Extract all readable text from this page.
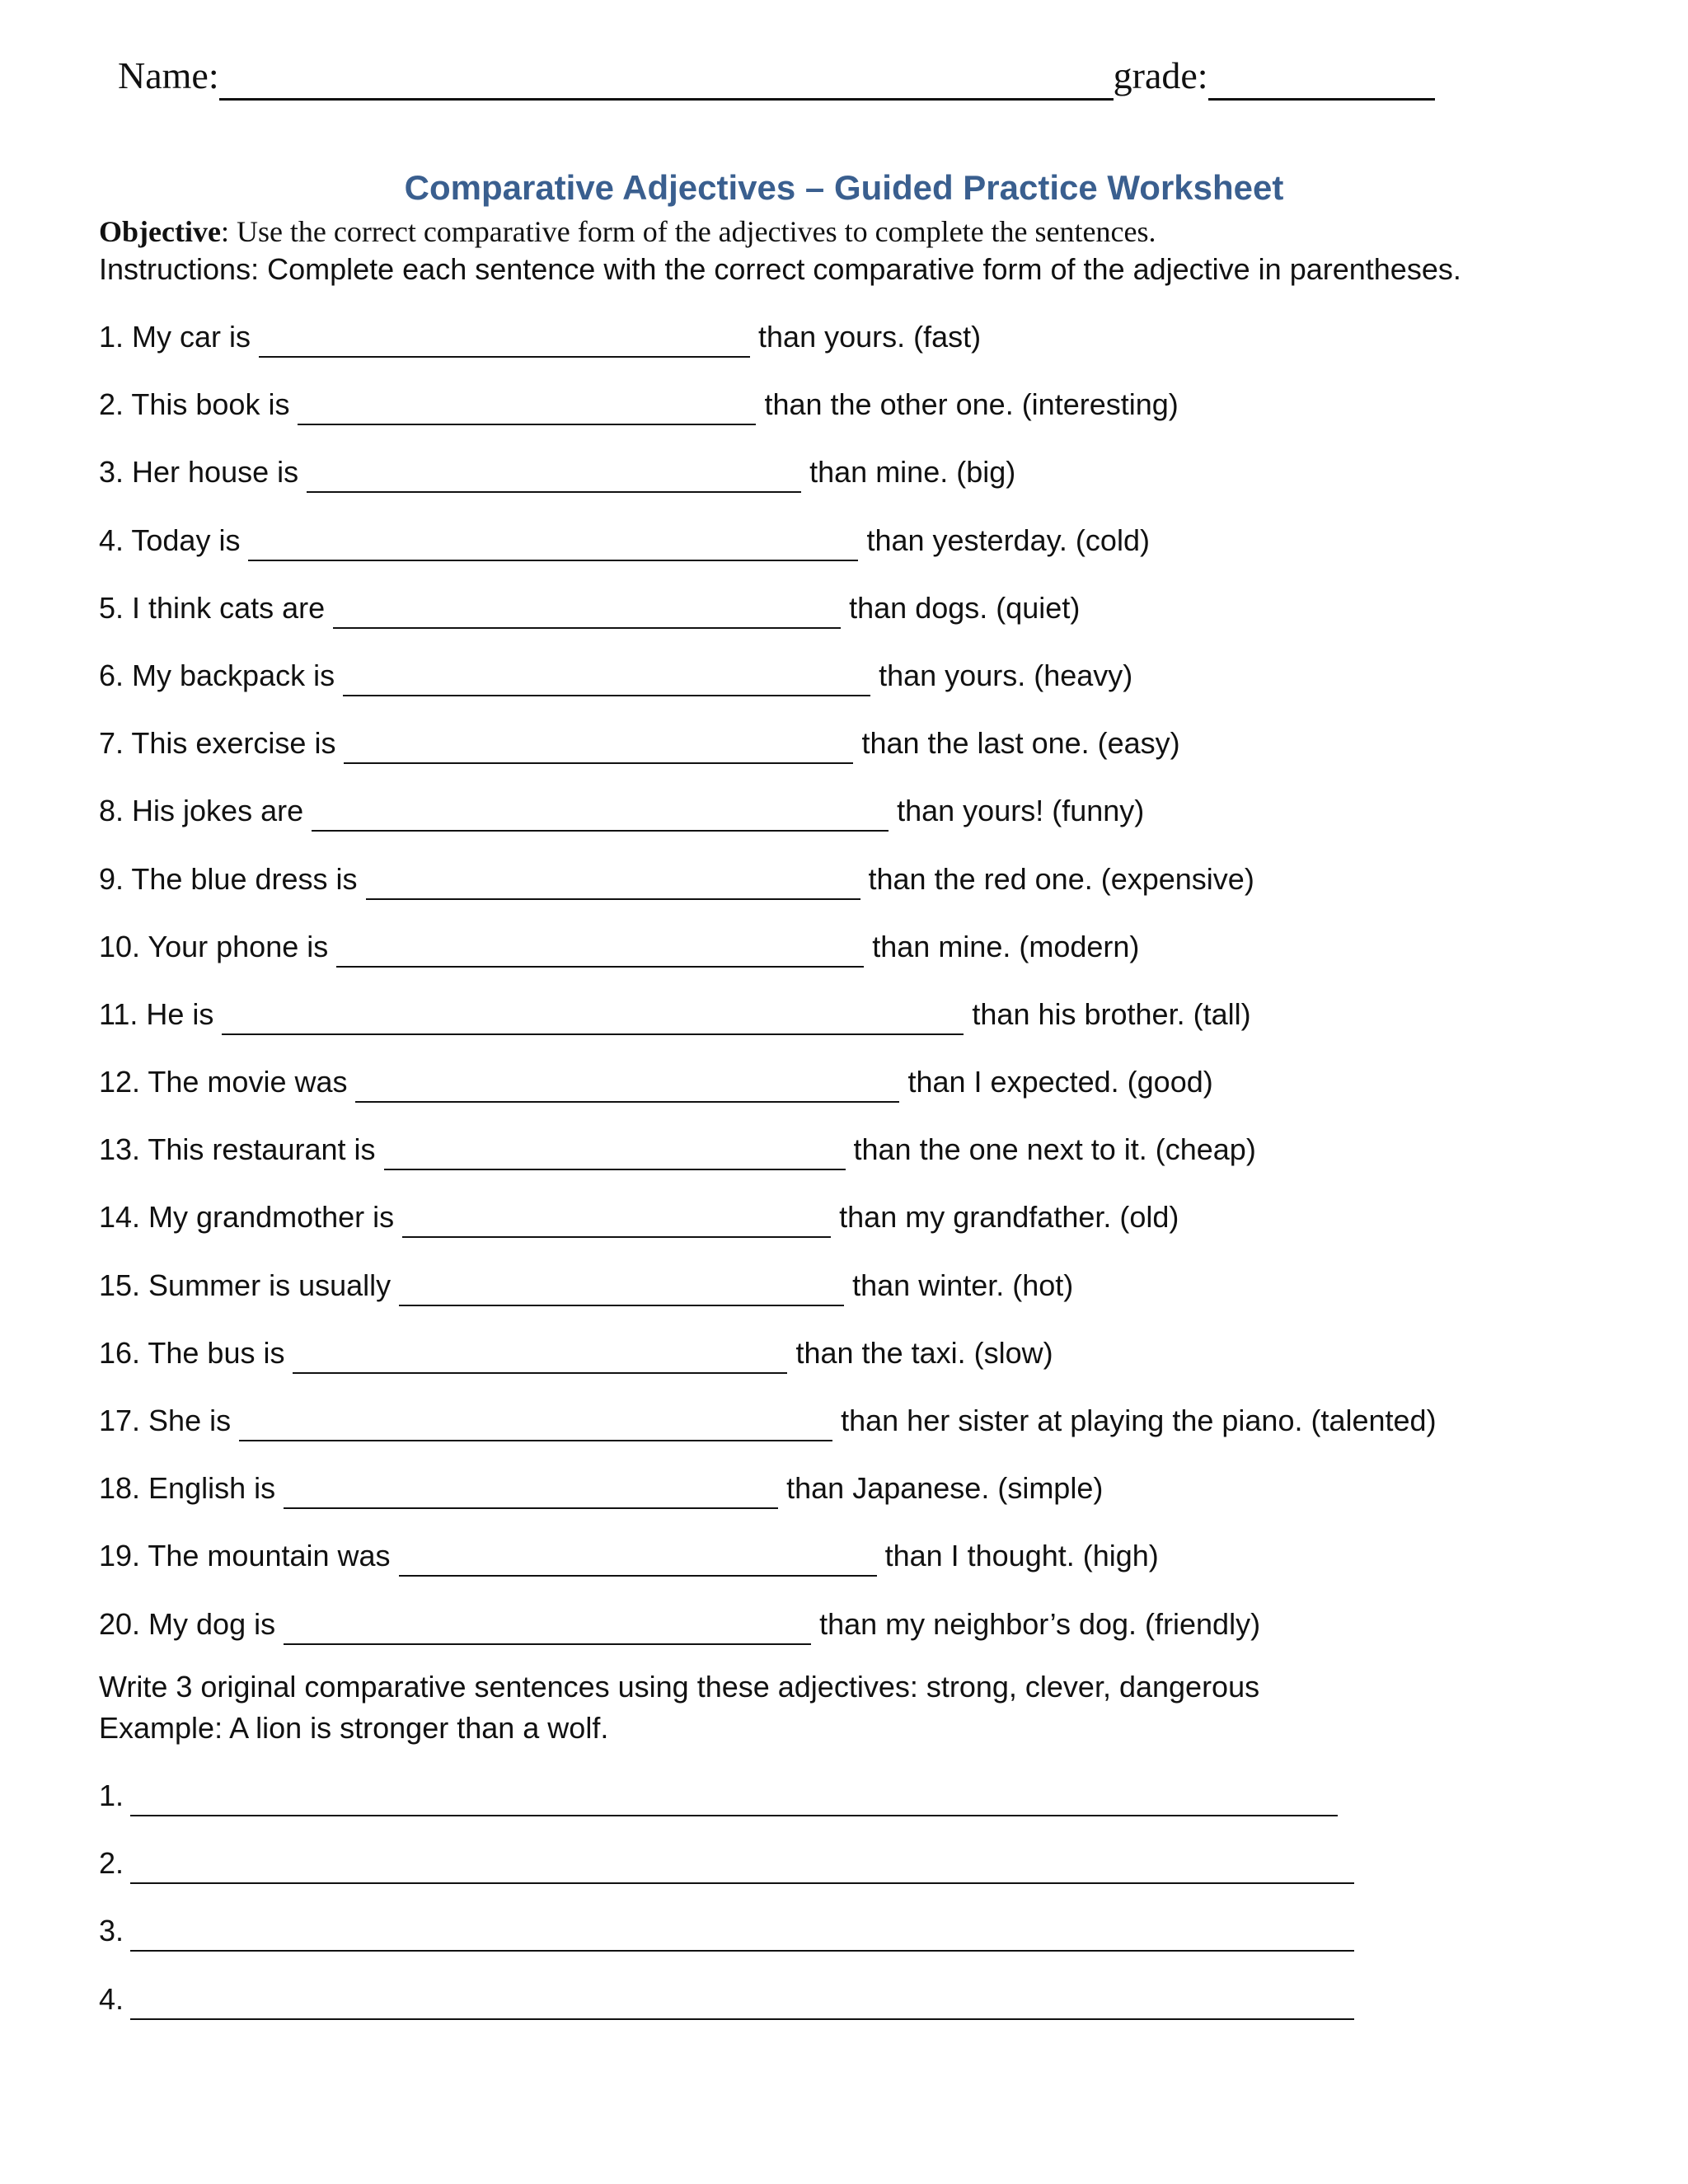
Name:	grade:
Comparative Adjectives – Guided Practice Worksheet
Objective: Use the correct comparative form of the adjectives to complete the sentences.
Instructions: Complete each sentence with the correct comparative form of the adjective in parentheses.
1. My car is	than yours. (fast)
2. This book is	than the other one. (interesting)
3. Her house is	than mine. (big)
4. Today is	than yesterday. (cold)
5. I think cats are	than dogs. (quiet)
6. My backpack is	than yours. (heavy)
7. This exercise is	than the last one. (easy)
8. His jokes are	than yours! (funny)
9. The blue dress is	than the red one. (expensive)
10. Your phone is	than mine. (modern)
11. He is	than his brother. (tall)
12. The movie was	than I expected. (good)
13. This restaurant is	than the one next to it. (cheap)
14. My grandmother is	than my grandfather. (old)
15. Summer is usually	than winter. (hot)
16. The bus is	than the taxi. (slow)
17. She is	than her sister at playing the piano. (talented)
18. English is	than Japanese. (simple)
19. The mountain was	than I thought. (high)
20. My dog is	than my neighbor’s dog. (friendly)
Write 3 original comparative sentences using these adjectives: strong, clever, dangerous
Example: A lion is stronger than a wolf.
1.
2.
3.
4.
